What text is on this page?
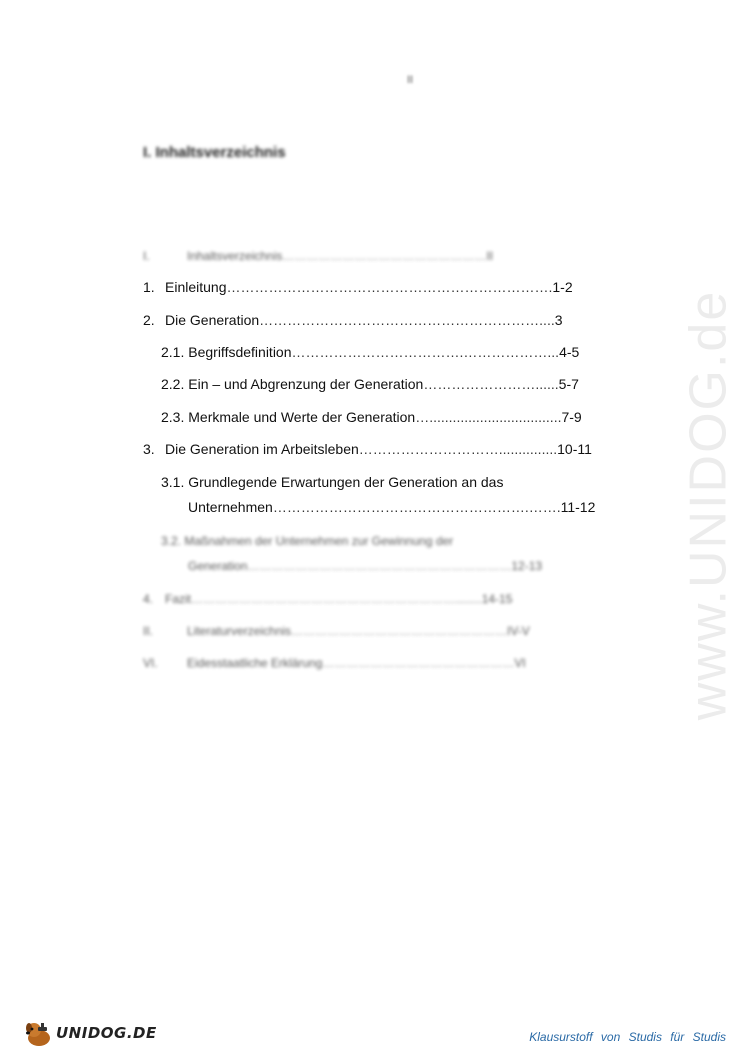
II
I. Inhaltsverzeichnis
www.UNIDOG.de
I.	Inhaltsverzeichnis……………………………………………II
1. Einleitung…………………………………………………………….1-2
2. Die Generation……………………………………………………....3
2.1. Begriffsdefinition……………………………….………………...4-5
2.2. Ein – und Abgrenzung der Generation……………………......5-7
2.3. Merkmale und Werte der Generation…..................................7-9
3. Die Generation im Arbeitsleben…………………………...............10-11
3.1. Grundlegende Erwartungen der Generation an das
Unternehmen……………………………………………….…….11-12
3.2. Maßnahmen der Unternehmen zur Gewinnung der
Generation…………………………………………………………12-13
4. Fazit…………………………………………………………........14-15
II.	Literaturverzeichnis………………………………………………IV-V
VI. Eidesstaatliche Erklärung…………………………………………VI
UNIDOG.DE	Klausurstoff von Studis für Studis
